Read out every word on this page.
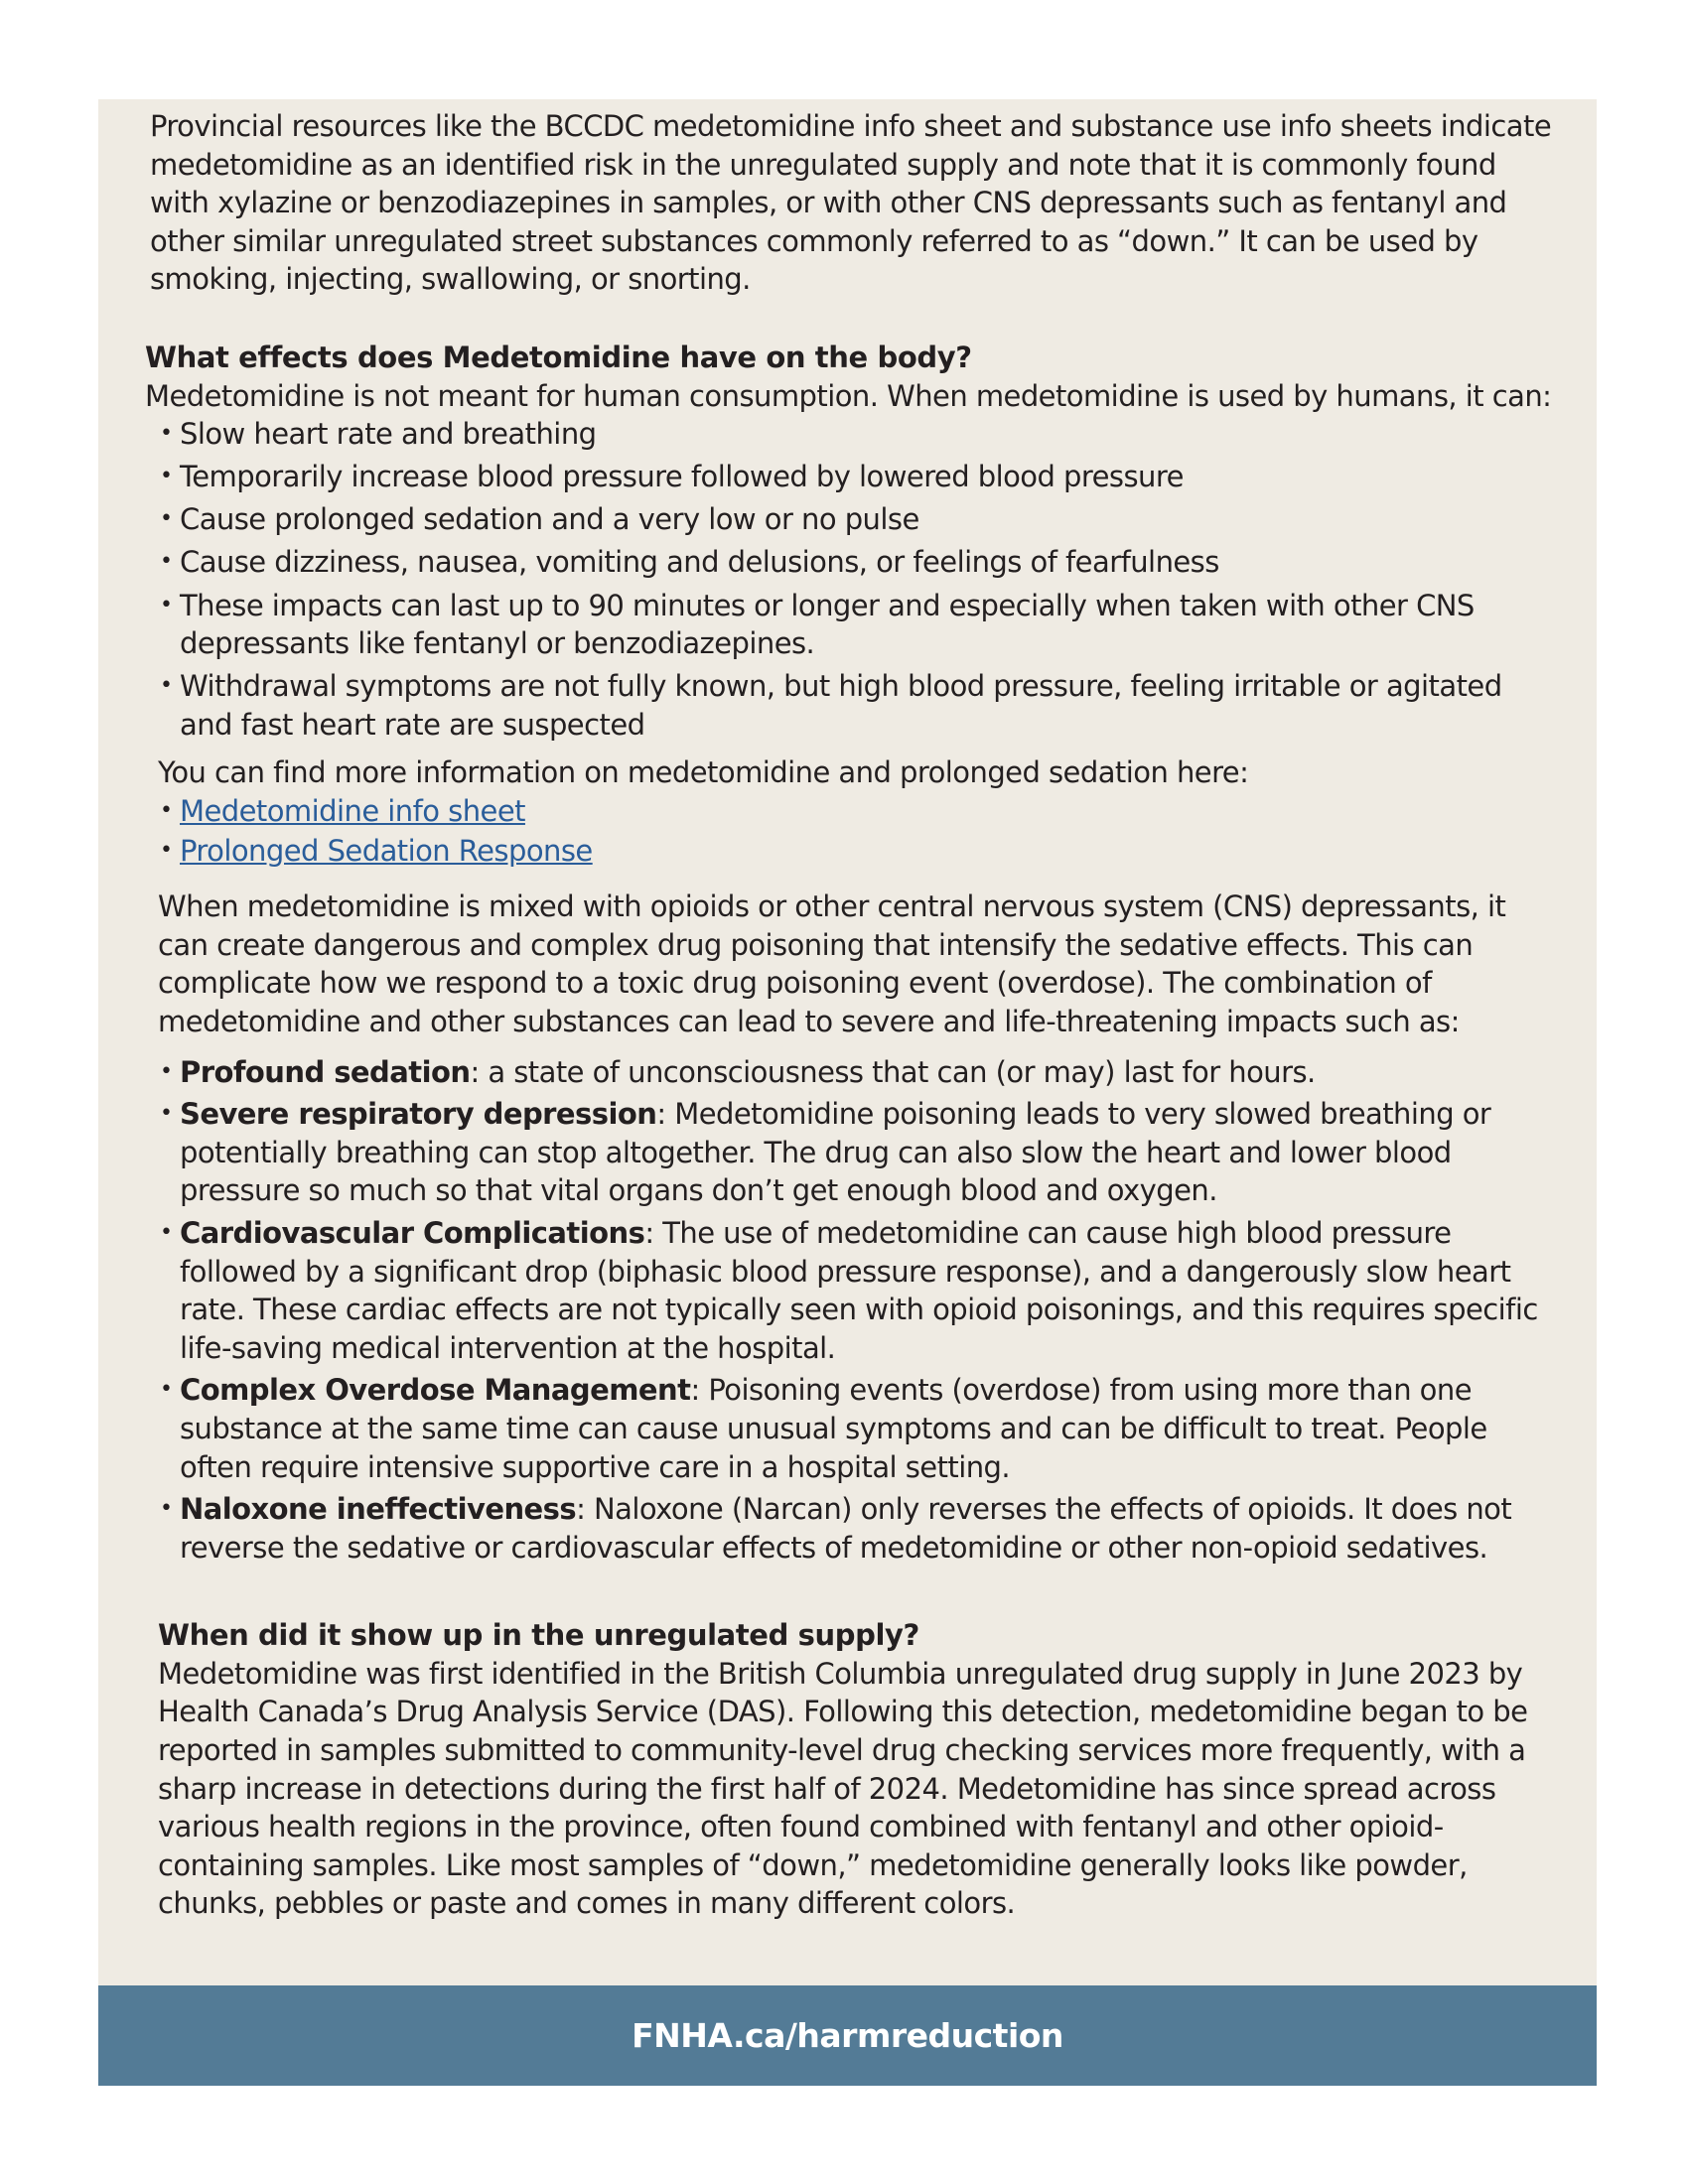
Provincial resources like the BCCDC medetomidine info sheet and substance use info sheets indicate medetomidine as an identified risk in the unregulated supply and note that it is commonly found with xylazine or benzodiazepines in samples, or with other CNS depressants such as fentanyl and other similar unregulated street substances commonly referred to as “down.” It can be used by smoking, injecting, swallowing, or snorting.

What effects does Medetomidine have on the body?

Medetomidine is not meant for human consumption. When medetomidine is used by humans, it can:

• Slow heart rate and breathing
• Temporarily increase blood pressure followed by lowered blood pressure
• Cause prolonged sedation and a very low or no pulse
• Cause dizziness, nausea, vomiting and delusions, or feelings of fearfulness
• These impacts can last up to 90 minutes or longer and especially when taken with other CNS depressants like fentanyl or benzodiazepines.
• Withdrawal symptoms are not fully known, but high blood pressure, feeling irritable or agitated and fast heart rate are suspected

You can find more information on medetomidine and prolonged sedation here:

• Medetomidine info sheet
• Prolonged Sedation Response

When medetomidine is mixed with opioids or other central nervous system (CNS) depressants, it can create dangerous and complex drug poisoning that intensify the sedative effects. This can complicate how we respond to a toxic drug poisoning event (overdose). The combination of medetomidine and other substances can lead to severe and life-threatening impacts such as:

• Profound sedation: a state of unconsciousness that can (or may) last for hours.
• Severe respiratory depression: Medetomidine poisoning leads to very slowed breathing or potentially breathing can stop altogether. The drug can also slow the heart and lower blood pressure so much so that vital organs don’t get enough blood and oxygen.
• Cardiovascular Complications: The use of medetomidine can cause high blood pressure followed by a significant drop (biphasic blood pressure response), and a dangerously slow heart rate. These cardiac effects are not typically seen with opioid poisonings, and this requires specific life-saving medical intervention at the hospital.
• Complex Overdose Management: Poisoning events (overdose) from using more than one substance at the same time can cause unusual symptoms and can be difficult to treat. People often require intensive supportive care in a hospital setting.
• Naloxone ineffectiveness: Naloxone (Narcan) only reverses the effects of opioids. It does not reverse the sedative or cardiovascular effects of medetomidine or other non-opioid sedatives.
When did it show up in the unregulated supply?

Medetomidine was first identified in the British Columbia unregulated drug supply in June 2023 by Health Canada’s Drug Analysis Service (DAS). Following this detection, medetomidine began to be reported in samples submitted to community-level drug checking services more frequently, with a sharp increase in detections during the first half of 2024. Medetomidine has since spread across various health regions in the province, often found combined with fentanyl and other opioid-containing samples. Like most samples of “down,” medetomidine generally looks like powder, chunks, pebbles or paste and comes in many different colors.

FNHA.ca/harmreduction
